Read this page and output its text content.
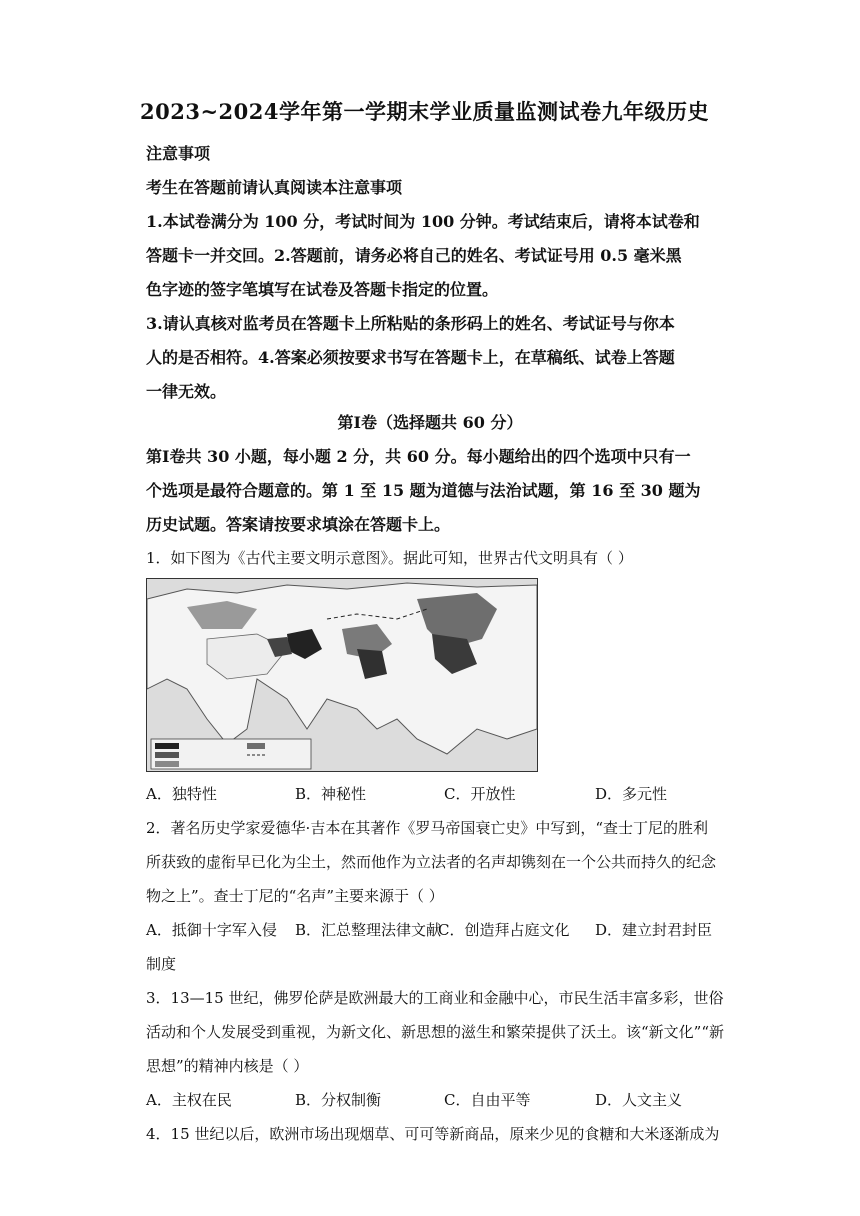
2023~2024学年第一学期末学业质量监测试卷九年级历史
注意事项
考生在答题前请认真阅读本注意事项
1.本试卷满分为 100 分，考试时间为 100 分钟。考试结束后，请将本试卷和
答题卡一并交回。2.答题前，请务必将自己的姓名、考试证号用 0.5 毫米黑
色字迹的签字笔填写在试卷及答题卡指定的位置。
3.请认真核对监考员在答题卡上所粘贴的条形码上的姓名、考试证号与你本
人的是否相符。4.答案必须按要求书写在答题卡上，在草稿纸、试卷上答题
一律无效。
第Ⅰ卷（选择题共 60 分）
第Ⅰ卷共 30 小题，每小题 2 分，共 60 分。每小题给出的四个选项中只有一
个选项是最符合题意的。第 1 至 15 题为道德与法治试题，第 16 至 30 题为
历史试题。答案请按要求填涂在答题卡上。
1．如下图为《古代主要文明示意图》。据此可知，世界古代文明具有（ ）
A．独特性	B．神秘性	C．开放性	D．多元性
2．著名历史学家爱德华·吉本在其著作《罗马帝国衰亡史》中写到，“查士丁尼的胜利
所获致的虚衔早已化为尘土，然而他作为立法者的名声却镌刻在一个公共而持久的纪念
物之上”。查士丁尼的“名声”主要来源于（ ）
A．抵御十字军入侵 B．汇总整理法律文献
C．创造拜占庭文化 D．建立封君封臣
制度
3．13—15 世纪，佛罗伦萨是欧洲最大的工商业和金融中心，市民生活丰富多彩，世俗
活动和个人发展受到重视，为新文化、新思想的滋生和繁荣提供了沃土。该“新文化”“新
思想”的精神内核是（ ）
A．主权在民	B．分权制衡	C．自由平等	D．人文主义
4．15 世纪以后，欧洲市场出现烟草、可可等新商品，原来少见的食糖和大米逐渐成为
